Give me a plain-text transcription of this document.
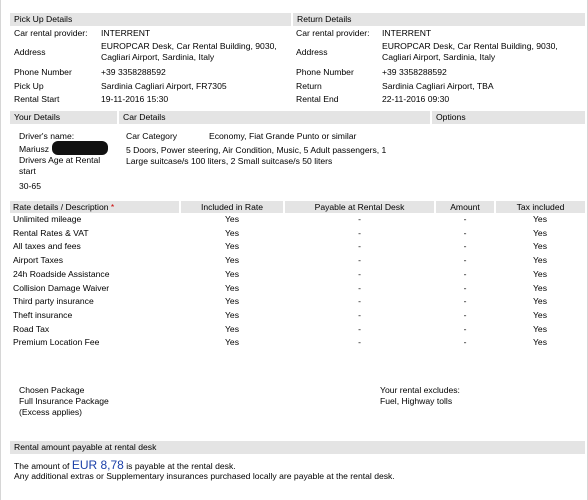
Pick Up Details	Return Details
Car rental provider: INTERRENT
Address
EUROPCAR Desk, Car Rental Building, 9030,
Cagliari Airport, Sardinia, Italy
Phone Number	+39 3358288592
Pick Up	Sardinia Cagliari Airport, FR7305
Rental Start	19-11-2016 15:30
Car rental provider: INTERRENT
Address
EUROPCAR Desk, Car Rental Building, 9030,
Cagliari Airport, Sardinia, Italy
Phone Number	+39 3358288592
Return	Sardinia Cagliari Airport, TBA
Rental End	22-11-2016 09:30
Your Details	Car Details	Options
Driver's name:
Mariusz
Drivers Age at Rental start
30-65
Car Category	Economy, Fiat Grande Punto or similar
5 Doors, Power steering, Air Condition, Music, 5 Adult passengers, 1
Large suitcase/s 100 liters, 2 Small suitcase/s 50 liters
Rate details / Description *	Included in Rate	Payable at Rental Desk	Amount	Tax included
Unlimited mileage	Yes	-	-	Yes
Rental Rates & VAT	Yes	-	-	Yes
All taxes and fees	Yes	-	-	Yes
Airport Taxes	Yes	-	-	Yes
24h Roadside Assistance	Yes	-	-	Yes
Collision Damage Waiver	Yes	-	-	Yes
Third party insurance	Yes	-	-	Yes
Theft insurance	Yes	-	-	Yes
Road Tax	Yes	-	-	Yes
Premium Location Fee	Yes	-	-	Yes
Chosen Package
Full Insurance Package
(Excess applies)
Your rental excludes:
Fuel, Highway tolls
Rental amount payable at rental desk
The amount of EUR 8,78 is payable at the rental desk.
Any additional extras or Supplementary insurances purchased locally are payable at the rental desk.
